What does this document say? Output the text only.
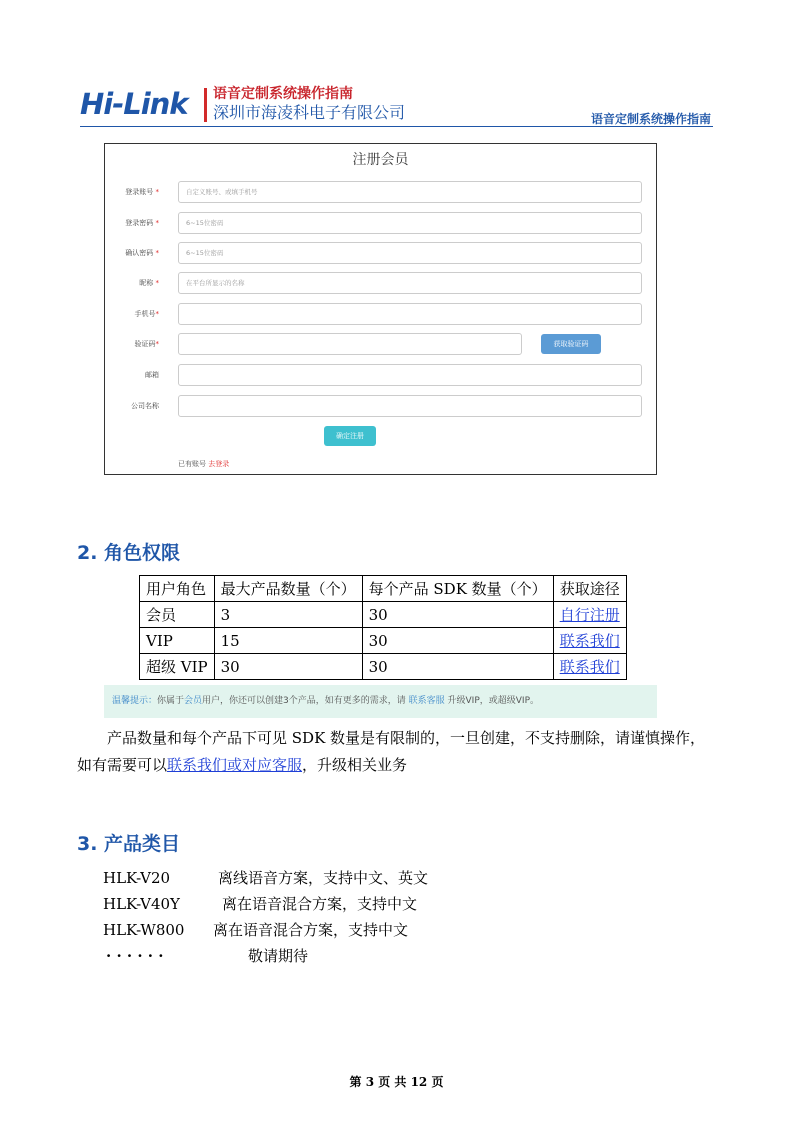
Hi-Link 语音定制系统操作指南
深圳市海凌科电子有限公司	语音定制系统操作指南
注册会员
登录账号 *	自定义账号、或填手机号
登录密码 *	6~15位密码
确认密码 *	6~15位密码
昵称 *	在平台所显示的名称
手机号*
验证码*	获取验证码
邮箱
公司名称
确定注册
已有账号 去登录
2. 角色权限
用户角色	最大产品数量（个）	每个产品 SDK 数量（个）	获取途径
会员	3	30	自行注册
VIP	15	30	联系我们
超级 VIP	30	30	联系我们
温馨提示：你属于会员用户，你还可以创建3个产品，如有更多的需求，请 联系客服 升级VIP，或超级VIP。
产品数量和每个产品下可见 SDK 数量是有限制的，一旦创建，不支持删除，请谨慎操作，如有需要可以联系我们或对应客服，升级相关业务
3. 产品类目
HLK-V20	离线语音方案，支持中文、英文
HLK-V40Y	离在语音混合方案，支持中文
HLK-W800 离在语音混合方案，支持中文
· · · · · ·	敬请期待
第 3 页 共 12 页
